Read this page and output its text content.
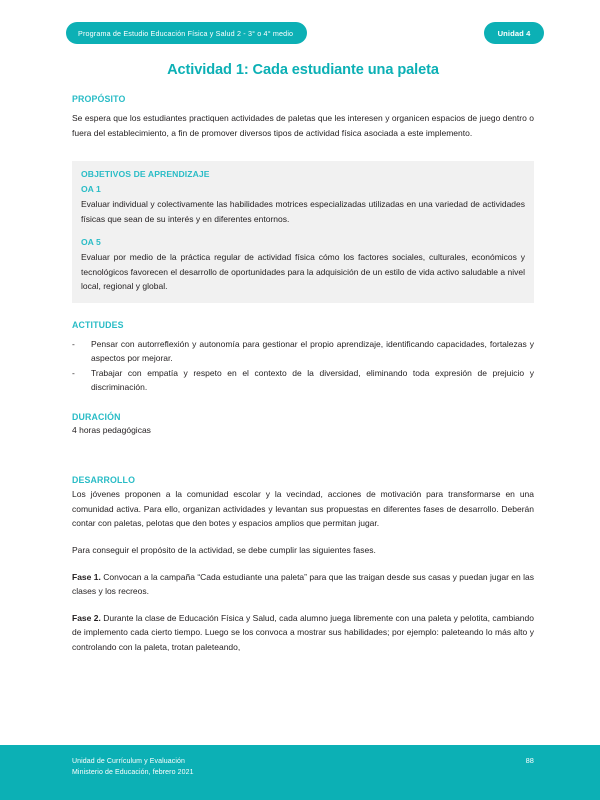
Programa de Estudio Educación Física y Salud 2 - 3° o 4° medio	Unidad 4
Actividad 1: Cada estudiante una paleta
PROPÓSITO

Se espera que los estudiantes practiquen actividades de paletas que les interesen y organicen espacios de juego dentro o fuera del establecimiento, a fin de promover diversos tipos de actividad física asociada a este implemento.

OBJETIVOS DE APRENDIZAJE
OA 1
Evaluar individual y colectivamente las habilidades motrices especializadas utilizadas en una variedad de actividades físicas que sean de su interés y en diferentes entornos.
OA 5
Evaluar por medio de la práctica regular de actividad física cómo los factores sociales, culturales, económicos y tecnológicos favorecen el desarrollo de oportunidades para la adquisición de un estilo de vida activo saludable a nivel local, regional y global.
ACTITUDES
-	Pensar con autorreflexión y autonomía para gestionar el propio aprendizaje, identificando capacidades, fortalezas y aspectos por mejorar.
-	Trabajar con empatía y respeto en el contexto de la diversidad, eliminando toda expresión de prejuicio y discriminación.
DURACIÓN
4 horas pedagógicas
DESARROLLO

Los jóvenes proponen a la comunidad escolar y la vecindad, acciones de motivación para transformarse en una comunidad activa. Para ello, organizan actividades y levantan sus propuestas en diferentes fases de desarrollo. Deberán contar con paletas, pelotas que den botes y espacios amplios que permitan jugar.

Para conseguir el propósito de la actividad, se debe cumplir las siguientes fases.

Fase 1. Convocan a la campaña “Cada estudiante una paleta” para que las traigan desde sus casas y puedan jugar en las clases y los recreos.

Fase 2. Durante la clase de Educación Física y Salud, cada alumno juega libremente con una paleta y pelotita, cambiando de implemento cada cierto tiempo. Luego se los convoca a mostrar sus habilidades; por ejemplo: paleteando lo más alto y controlando con la paleta, trotan paleteando,

Unidad de Currículum y Evaluación
Ministerio de Educación, febrero 2021
88
